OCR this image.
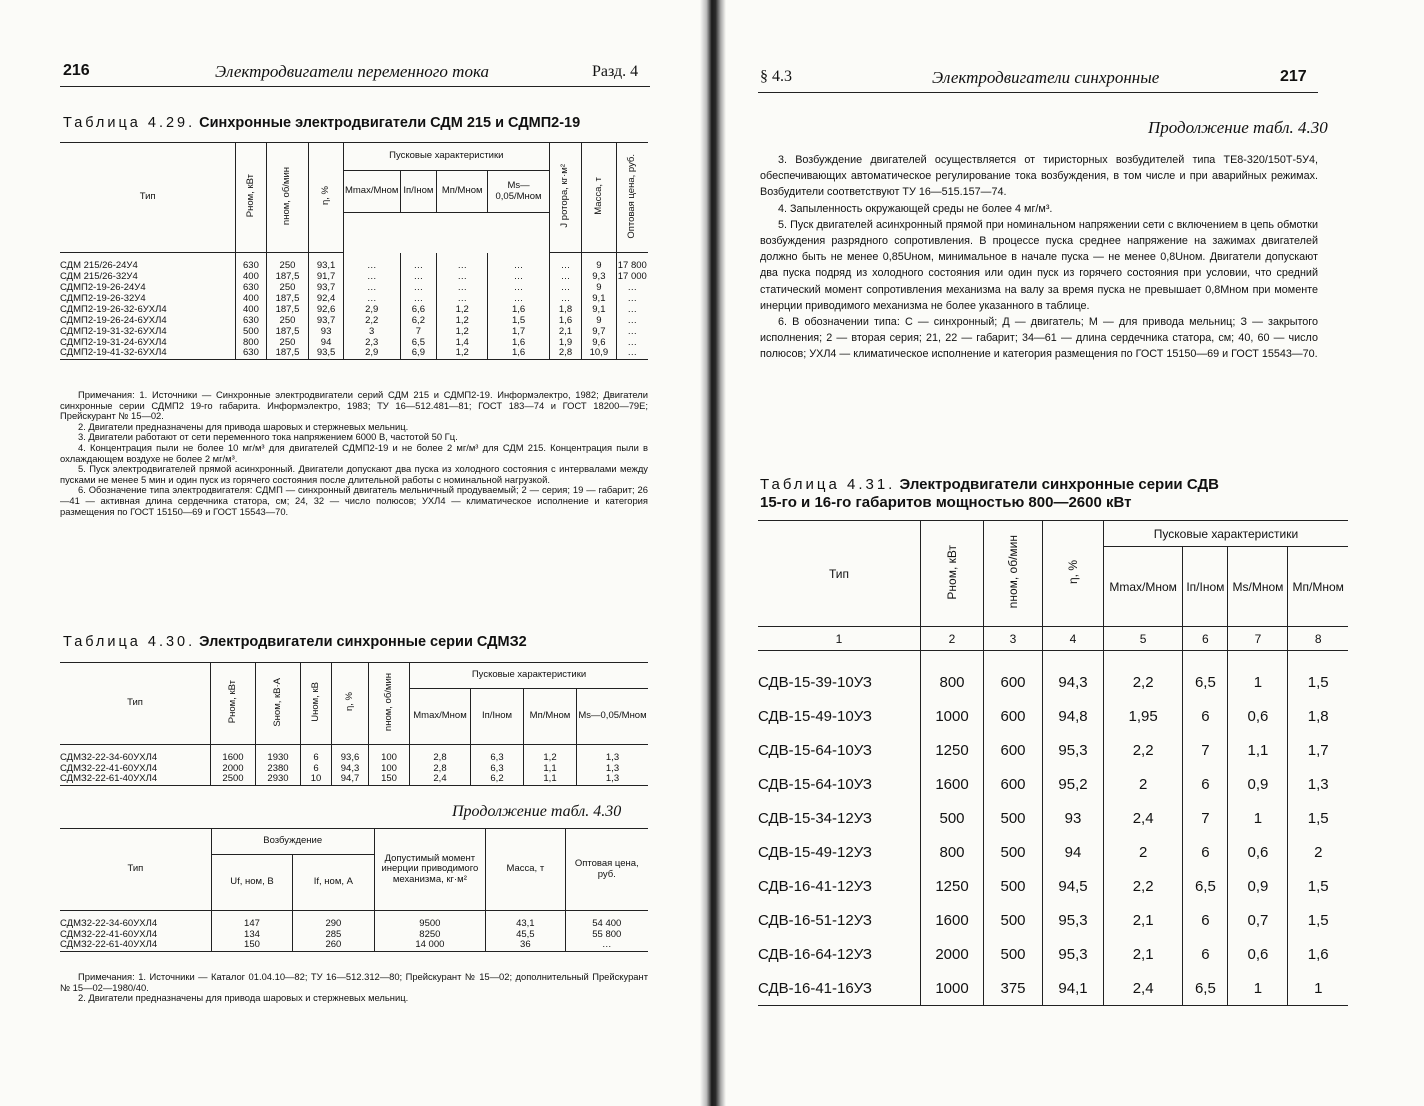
216	Электродвигатели переменного тока	Разд. 4
Таблица 4.29. Синхронные электродвигатели СДМ 215 и СДМП2-19
Тип	Pном, кВт	nном, об/мин	η, %	Пусковые характеристики				J ротора, кг·м²	Масса, т	Оптовая цена, руб.
				Mmax/Mном	Iп/Iном	Mп/Mном	Ms—0,05/Mном			

СДМ 215/26-24У4	630	250	93,1	…	…	…	…	…	9	17 800
СДМ 215/26-32У4	400	187,5	91,7	…	…	…	…	…	9,3	17 000
СДМП2-19-26-24У4	630	250	93,7	…	…	…	…	…	9	…
СДМП2-19-26-32У4	400	187,5	92,4	…	…	…	…	…	9,1	…
СДМП2-19-26-32-6УХЛ4	400	187,5	92,6	2,9	6,6	1,2	1,6	1,8	9,1	…
СДМП2-19-26-24-6УХЛ4	630	250	93,7	2,2	6,2	1,2	1,5	1,6	9	…
СДМП2-19-31-32-6УХЛ4	500	187,5	93	3	7	1,2	1,7	2,1	9,7	…
СДМП2-19-31-24-6УХЛ4	800	250	94	2,3	6,5	1,4	1,6	1,9	9,6	…
СДМП2-19-41-32-6УХЛ4	630	187,5	93,5	2,9	6,9	1,2	1,6	2,8	10,9	…

Примечания: 1. Источники — Синхронные электродвигатели серий СДМ 215 и СДМП2-19. Информэлектро, 1982; Двигатели синхронные серии СДМП2 19-го габарита. Информэлектро, 1983; ТУ 16—512.481—81; ГОСТ 183—74 и ГОСТ 18200—79Е; Прейскурант № 15—02.

2. Двигатели предназначены для привода шаровых и стержневых мельниц.

3. Двигатели работают от сети переменного тока напряжением 6000 В, частотой 50 Гц.

4. Концентрация пыли не более 10 мг/м³ для двигателей СДМП2-19 и не более 2 мг/м³ для СДМ 215. Концентрация пыли в охлаждающем воздухе не более 2 мг/м³.

5. Пуск электродвигателей прямой асинхронный. Двигатели допускают два пуска из холодного состояния с интервалами между пусками не менее 5 мин и один пуск из горячего состояния после длительной работы с номинальной нагрузкой.

6. Обозначение типа электродвигателя: СДМП — синхронный двигатель мельничный продуваемый; 2 — серия; 19 — габарит; 26—41 — активная длина сердечника статора, см; 24, 32 — число полюсов; УХЛ4 — климатическое исполнение и категория размещения по ГОСТ 15150—69 и ГОСТ 15543—70.

Таблица 4.30. Электродвигатели синхронные серии СДМЗ2
Тип	Pном, кВт	Sном, кВ·А	Uном, кВ	η, %	nном, об/мин	Пусковые характеристики			
						Mmax/Mном	Iп/Iном	Mп/Mном	Ms—0,05/Mном
СДМЗ2-22-34-60УХЛ4	1600	1930	6	93,6	100	2,8	6,3	1,2	1,3
СДМЗ2-22-41-60УХЛ4	2000	2380	6	94,3	100	2,8	6,3	1,1	1,3
СДМЗ2-22-61-40УХЛ4	2500	2930	10	94,7	150	2,4	6,2	1,1	1,3
Продолжение табл. 4.30
Тип	Возбуждение		Допустимый момент инерции приводимого механизма, кг·м²	Масса, т	Оптовая цена, руб.
	Uf, ном, В	If, ном, А			
СДМЗ2-22-34-60УХЛ4	147	290	9500	43,1	54 400
СДМЗ2-22-41-60УХЛ4	134	285	8250	45,5	55 800
СДМЗ2-22-61-40УХЛ4	150	260	14 000	36	…

Примечания: 1. Источники — Каталог 01.04.10—82; ТУ 16—512.312—80; Прейскурант № 15—02; дополнительный Прейскурант № 15—02—1980/40.

2. Двигатели предназначены для привода шаровых и стержневых мельниц.

§ 4.3	Электродвигатели синхронные	217
Продолжение табл. 4.30

3. Возбуждение двигателей осуществляется от тиристорных возбудителей типа ТЕ8-320/150Т-5У4, обеспечивающих автоматическое регулирование тока возбуждения, в том числе и при аварийных режимах. Возбудители соответствуют ТУ 16—515.157—74.

4. Запыленность окружающей среды не более 4 мг/м³.

5. Пуск двигателей асинхронный прямой при номинальном напряжении сети с включением в цепь обмотки возбуждения разрядного сопротивления. В процессе пуска среднее напряжение на зажимах двигателей должно быть не менее 0,85Uном, минимальное в начале пуска — не менее 0,8Uном. Двигатели допускают два пуска подряд из холодного состояния или один пуск из горячего состояния при условии, что средний статический момент сопротивления механизма на валу за время пуска не превышает 0,8Mном при моменте инерции приводимого механизма не более указанного в таблице.

6. В обозначении типа: С — синхронный; Д — двигатель; М — для привода мельниц; З — закрытого исполнения; 2 — вторая серия; 21, 22 — габарит; 34—61 — длина сердечника статора, см; 40, 60 — число полюсов; УХЛ4 — климатическое исполнение и категория размещения по ГОСТ 15150—69 и ГОСТ 15543—70.

Таблица 4.31. Электродвигатели синхронные серии СДВ
15-го и 16-го габаритов мощностью 800—2600 кВт
Тип	Pном, кВт	nном, об/мин	η, %	Пусковые характеристики			
				Mmax/Mном	Iп/Iном	Ms/Mном	Mп/Mном
1	2	3	4	5	6	7	8
СДВ-15-39-10УЗ	800	600	94,3	2,2	6,5	1	1,5
СДВ-15-49-10УЗ	1000	600	94,8	1,95	6	0,6	1,8
СДВ-15-64-10УЗ	1250	600	95,3	2,2	7	1,1	1,7
СДВ-15-64-10УЗ	1600	600	95,2	2	6	0,9	1,3
СДВ-15-34-12УЗ	500	500	93	2,4	7	1	1,5
СДВ-15-49-12УЗ	800	500	94	2	6	0,6	2
СДВ-16-41-12УЗ	1250	500	94,5	2,2	6,5	0,9	1,5
СДВ-16-51-12УЗ	1600	500	95,3	2,1	6	0,7	1,5
СДВ-16-64-12УЗ	2000	500	95,3	2,1	6	0,6	1,6
СДВ-16-41-16УЗ	1000	375	94,1	2,4	6,5	1	1
